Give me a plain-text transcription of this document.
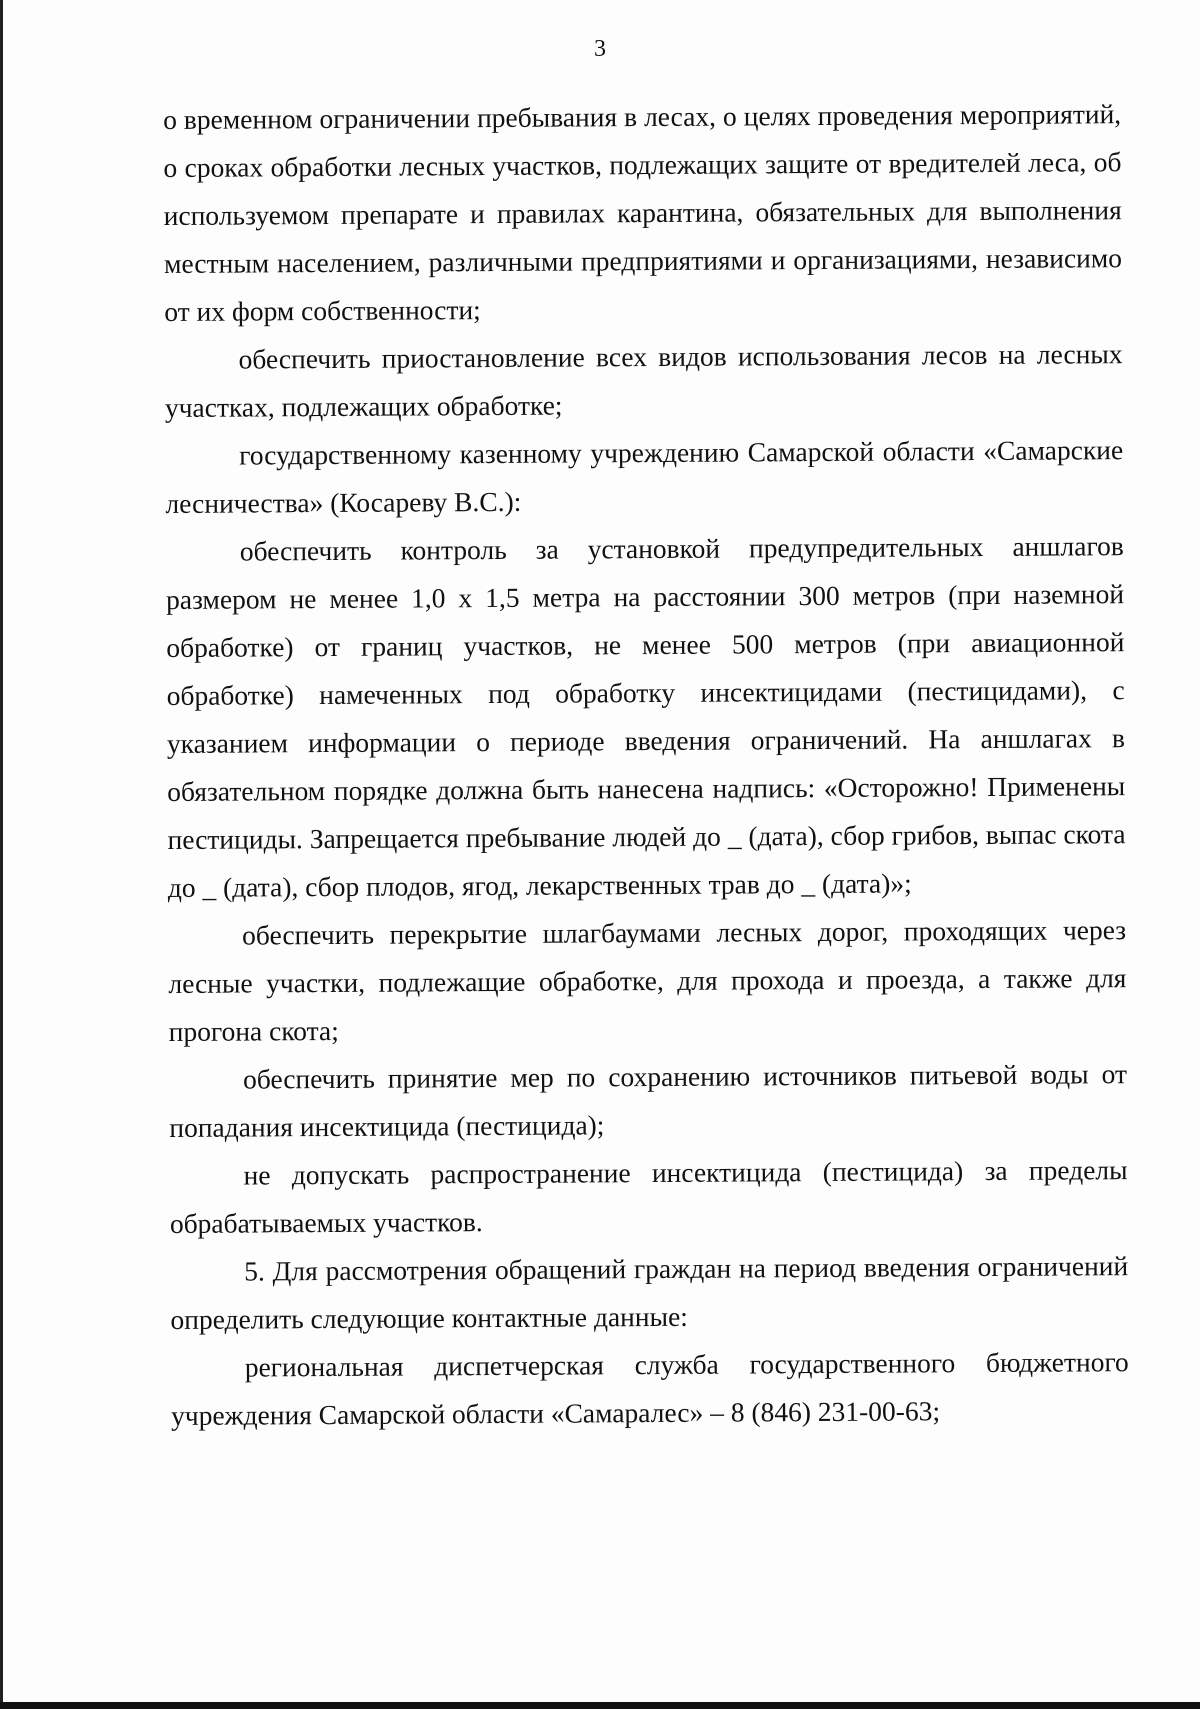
3

о временном ограничении пребывания в лесах, о целях проведения мероприятий, о сроках обработки лесных участков, подлежащих защите от вредителей леса, об используемом препарате и правилах карантина, обязательных для выполнения местным населением, различными предприятиями и организациями, независимо от их форм собственности;

обеспечить приостановление всех видов использования лесов на лесных участках, подлежащих обработке;

государственному казенному учреждению Самарской области «Самарские лесничества» (Косареву В.С.):

обеспечить контроль за установкой предупредительных аншлагов размером не менее 1,0 х 1,5 метра на расстоянии 300 метров (при наземной обработке) от границ участков, не менее 500 метров (при авиационной обработке) намеченных под обработку инсектицидами (пестицидами), с указанием информации о периоде введения ограничений. На аншлагах в обязательном порядке должна быть нанесена надпись: «Осторожно! Применены пестициды. Запрещается пребывание людей до _ (дата), сбор грибов, выпас скота до _ (дата), сбор плодов, ягод, лекарственных трав до _ (дата)»;

обеспечить перекрытие шлагбаумами лесных дорог, проходящих через лесные участки, подлежащие обработке, для прохода и проезда, а также для прогона скота;

обеспечить принятие мер по сохранению источников питьевой воды от попадания инсектицида (пестицида);

не допускать распространение инсектицида (пестицида) за пределы обрабатываемых участков.

5. Для рассмотрения обращений граждан на период введения ограничений определить следующие контактные данные:

региональная диспетчерская служба государственного бюджетного учреждения Самарской области «Самаралес» – 8 (846) 231-00-63;
